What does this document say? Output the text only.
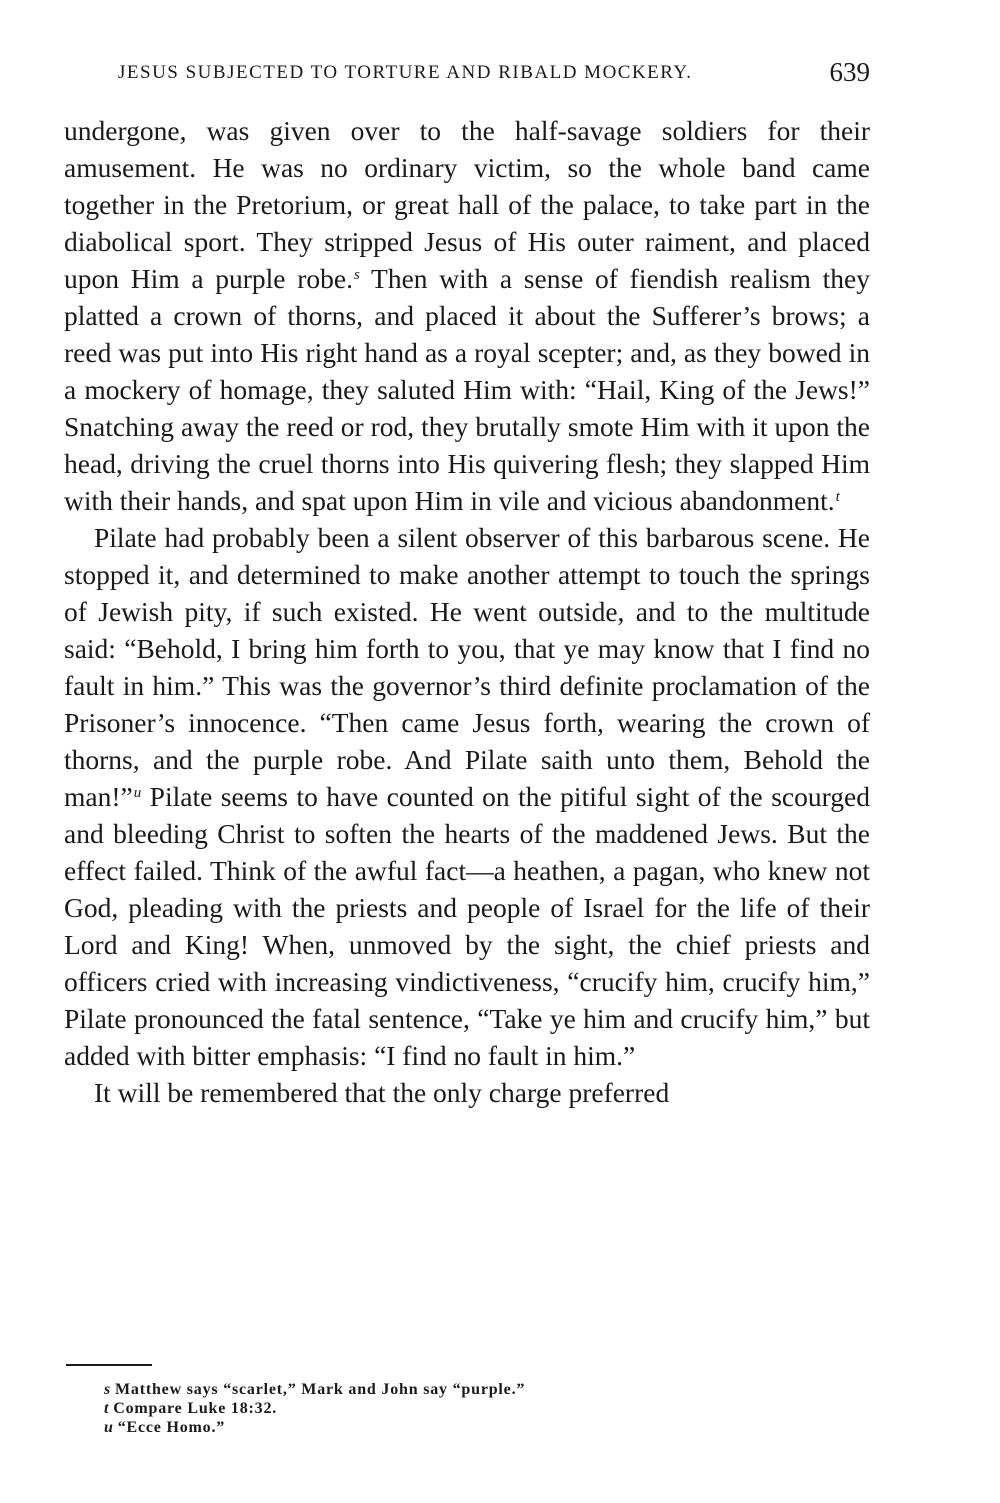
JESUS SUBJECTED TO TORTURE AND RIBALD MOCKERY.	639

undergone, was given over to the half-savage soldiers for their amusement. He was no ordinary victim, so the whole band came together in the Pretorium, or great hall of the palace, to take part in the diabolical sport. They stripped Jesus of His outer raiment, and placed upon Him a purple robe.$^s$ Then with a sense of fiendish realism they platted a crown of thorns, and placed it about the Sufferer’s brows; a reed was put into His right hand as a royal scepter; and, as they bowed in a mockery of homage, they saluted Him with: “Hail, King of the Jews!” Snatching away the reed or rod, they brutally smote Him with it upon the head, driving the cruel thorns into His quivering flesh; they slapped Him with their hands, and spat upon Him in vile and vicious abandonment.$^t$

Pilate had probably been a silent observer of this barbarous scene. He stopped it, and determined to make another attempt to touch the springs of Jewish pity, if such existed. He went outside, and to the multitude said: “Behold, I bring him forth to you, that ye may know that I find no fault in him.” This was the governor’s third definite proclamation of the Prisoner’s innocence. “Then came Jesus forth, wearing the crown of thorns, and the purple robe. And Pilate saith unto them, Behold the man!”$^u$ Pilate seems to have counted on the pitiful sight of the scourged and bleeding Christ to soften the hearts of the maddened Jews. But the effect failed. Think of the awful fact—a heathen, a pagan, who knew not God, pleading with the priests and people of Israel for the life of their Lord and King! When, unmoved by the sight, the chief priests and officers cried with increasing vindictiveness, “crucify him, crucify him,” Pilate pronounced the fatal sentence, “Take ye him and crucify him,” but added with bitter emphasis: “I find no fault in him.”

It will be remembered that the only charge preferred

s Matthew says “scarlet,” Mark and John say “purple.”
t Compare Luke 18:32.
u “Ecce Homo.”
